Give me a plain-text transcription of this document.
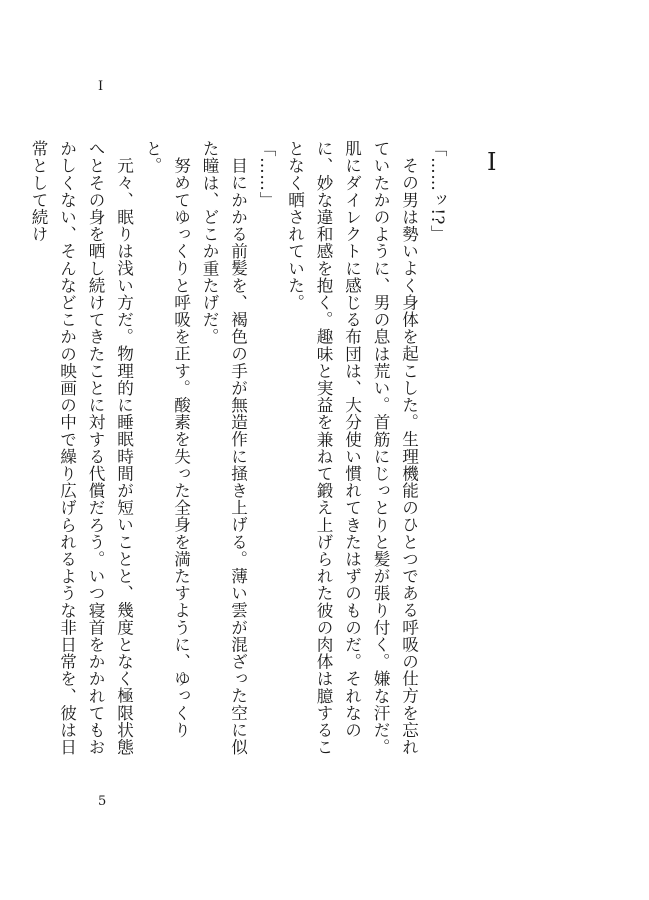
I
I

「……ッ!?」

その男は勢いよく身体を起こした。生理機能のひとつである呼吸の仕方を忘れていたかのように、男の息は荒い。首筋にじっとりと髪が張り付く。嫌な汗だ。肌にダイレクトに感じる布団は、大分使い慣れてきたはずのものだ。それなのに、妙な違和感を抱く。趣味と実益を兼ねて鍛え上げられた彼の肉体は臆することなく晒されていた。

「……」

目にかかる前髪を、褐色の手が無造作に掻き上げる。薄い雲が混ざった空に似た瞳は、どこか重たげだ。

努めてゆっくりと呼吸を正す。酸素を失った全身を満たすように、ゆっくりと。

元々、眠りは浅い方だ。物理的に睡眠時間が短いことと、幾度となく極限状態へとその身を晒し続けてきたことに対する代償だろう。いつ寝首をかかれてもおかしくない、そんなどこかの映画の中で繰り広げられるような非日常を、彼は日常として続け

5
